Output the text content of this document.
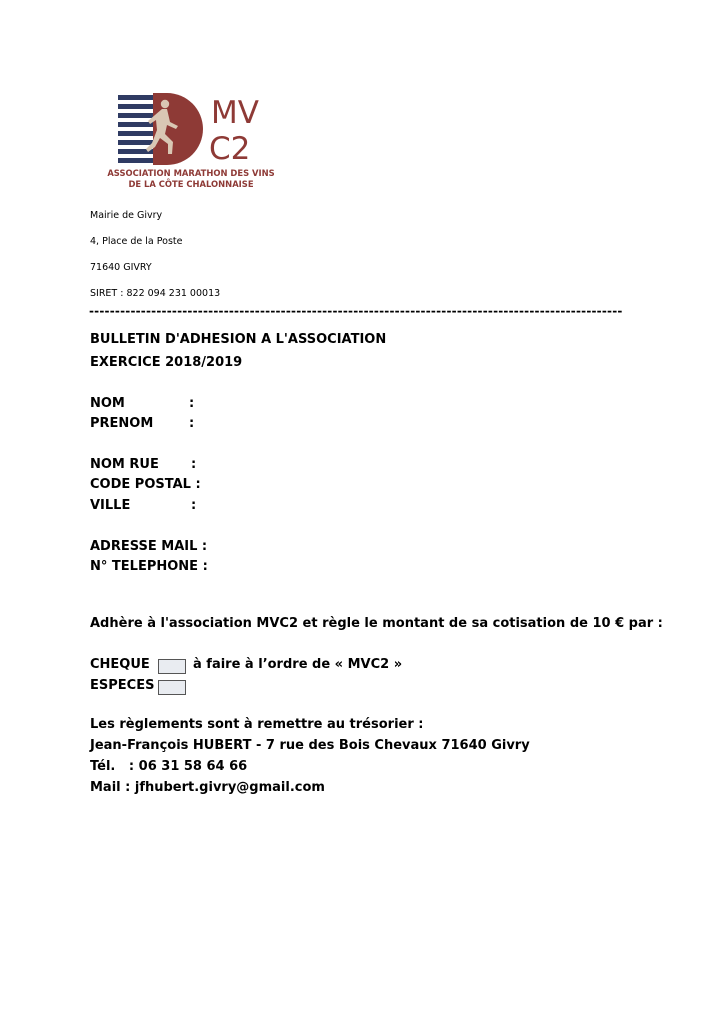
MV
C2
ASSOCIATION MARATHON DES VINS
DE LA CÔTE CHALONNAISE
Mairie de Givry
4, Place de la Poste
71640 GIVRY
SIRET : 822 094 231 00013
-------------------------------------------------------------------------------------------------------
BULLETIN D'ADHESION A L'ASSOCIATION
EXERCICE 2018/2019
NOM	:
PRENOM	:
NOM RUE :
CODE POSTAL :
VILLE	:
ADRESSE MAIL :
N° TELEPHONE :
Adhère à l'association MVC2 et règle le montant de sa cotisation de 10 € par :
CHEQUE	à faire à l’ordre de « MVC2 »
ESPECES
Les règlements sont à remettre au trésorier :
Jean-François HUBERT - 7 rue des Bois Chevaux 71640 Givry
Tél.   : 06 31 58 64 66
Mail : jfhubert.givry@gmail.com
